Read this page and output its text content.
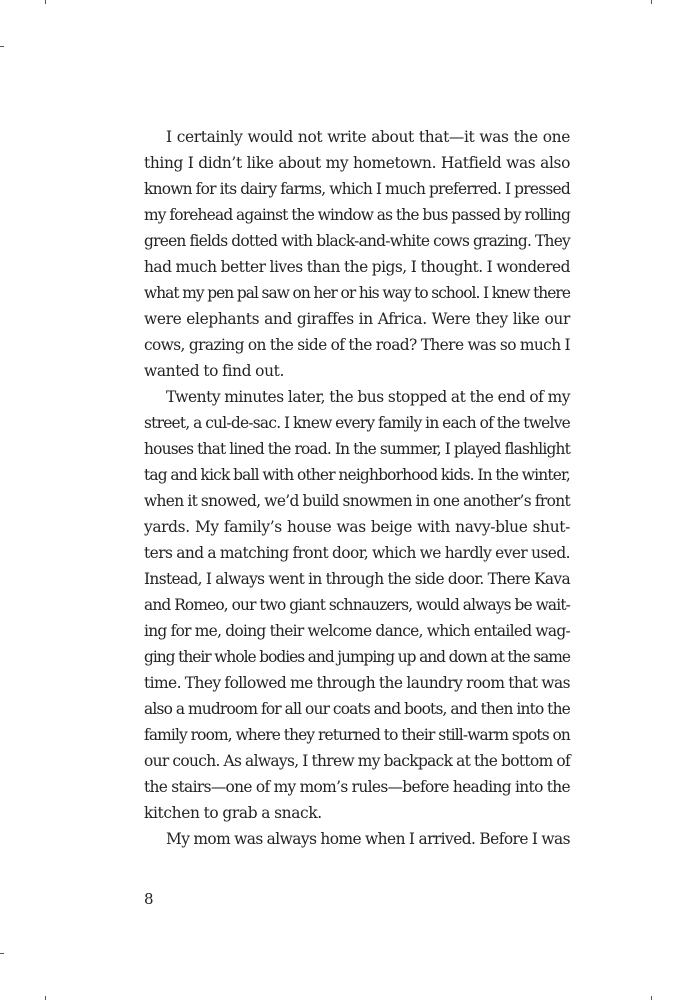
I certainly would not write about that—it was the one
thing I didn’t like about my hometown. Hatfield was also
known for its dairy farms, which I much preferred. I pressed
my forehead against the window as the bus passed by rolling
green fields dotted with black-and-white cows grazing. They
had much better lives than the pigs, I thought. I wondered
what my pen pal saw on her or his way to school. I knew there
were elephants and giraffes in Africa. Were they like our
cows, grazing on the side of the road? There was so much I
wanted to find out.
Twenty minutes later, the bus stopped at the end of my
street, a cul-de-sac. I knew every family in each of the twelve
houses that lined the road. In the summer, I played flashlight
tag and kick ball with other neighborhood kids. In the winter,
when it snowed, we’d build snowmen in one another’s front
yards. My family’s house was beige with navy-blue shut-
ters and a matching front door, which we hardly ever used.
Instead, I always went in through the side door. There Kava
and Romeo, our two giant schnauzers, would always be wait-
ing for me, doing their welcome dance, which entailed wag-
ging their whole bodies and jumping up and down at the same
time. They followed me through the laundry room that was
also a mudroom for all our coats and boots, and then into the
family room, where they returned to their still-warm spots on
our couch. As always, I threw my backpack at the bottom of
the stairs—one of my mom’s rules—before heading into the
kitchen to grab a snack.
My mom was always home when I arrived. Before I was
8
